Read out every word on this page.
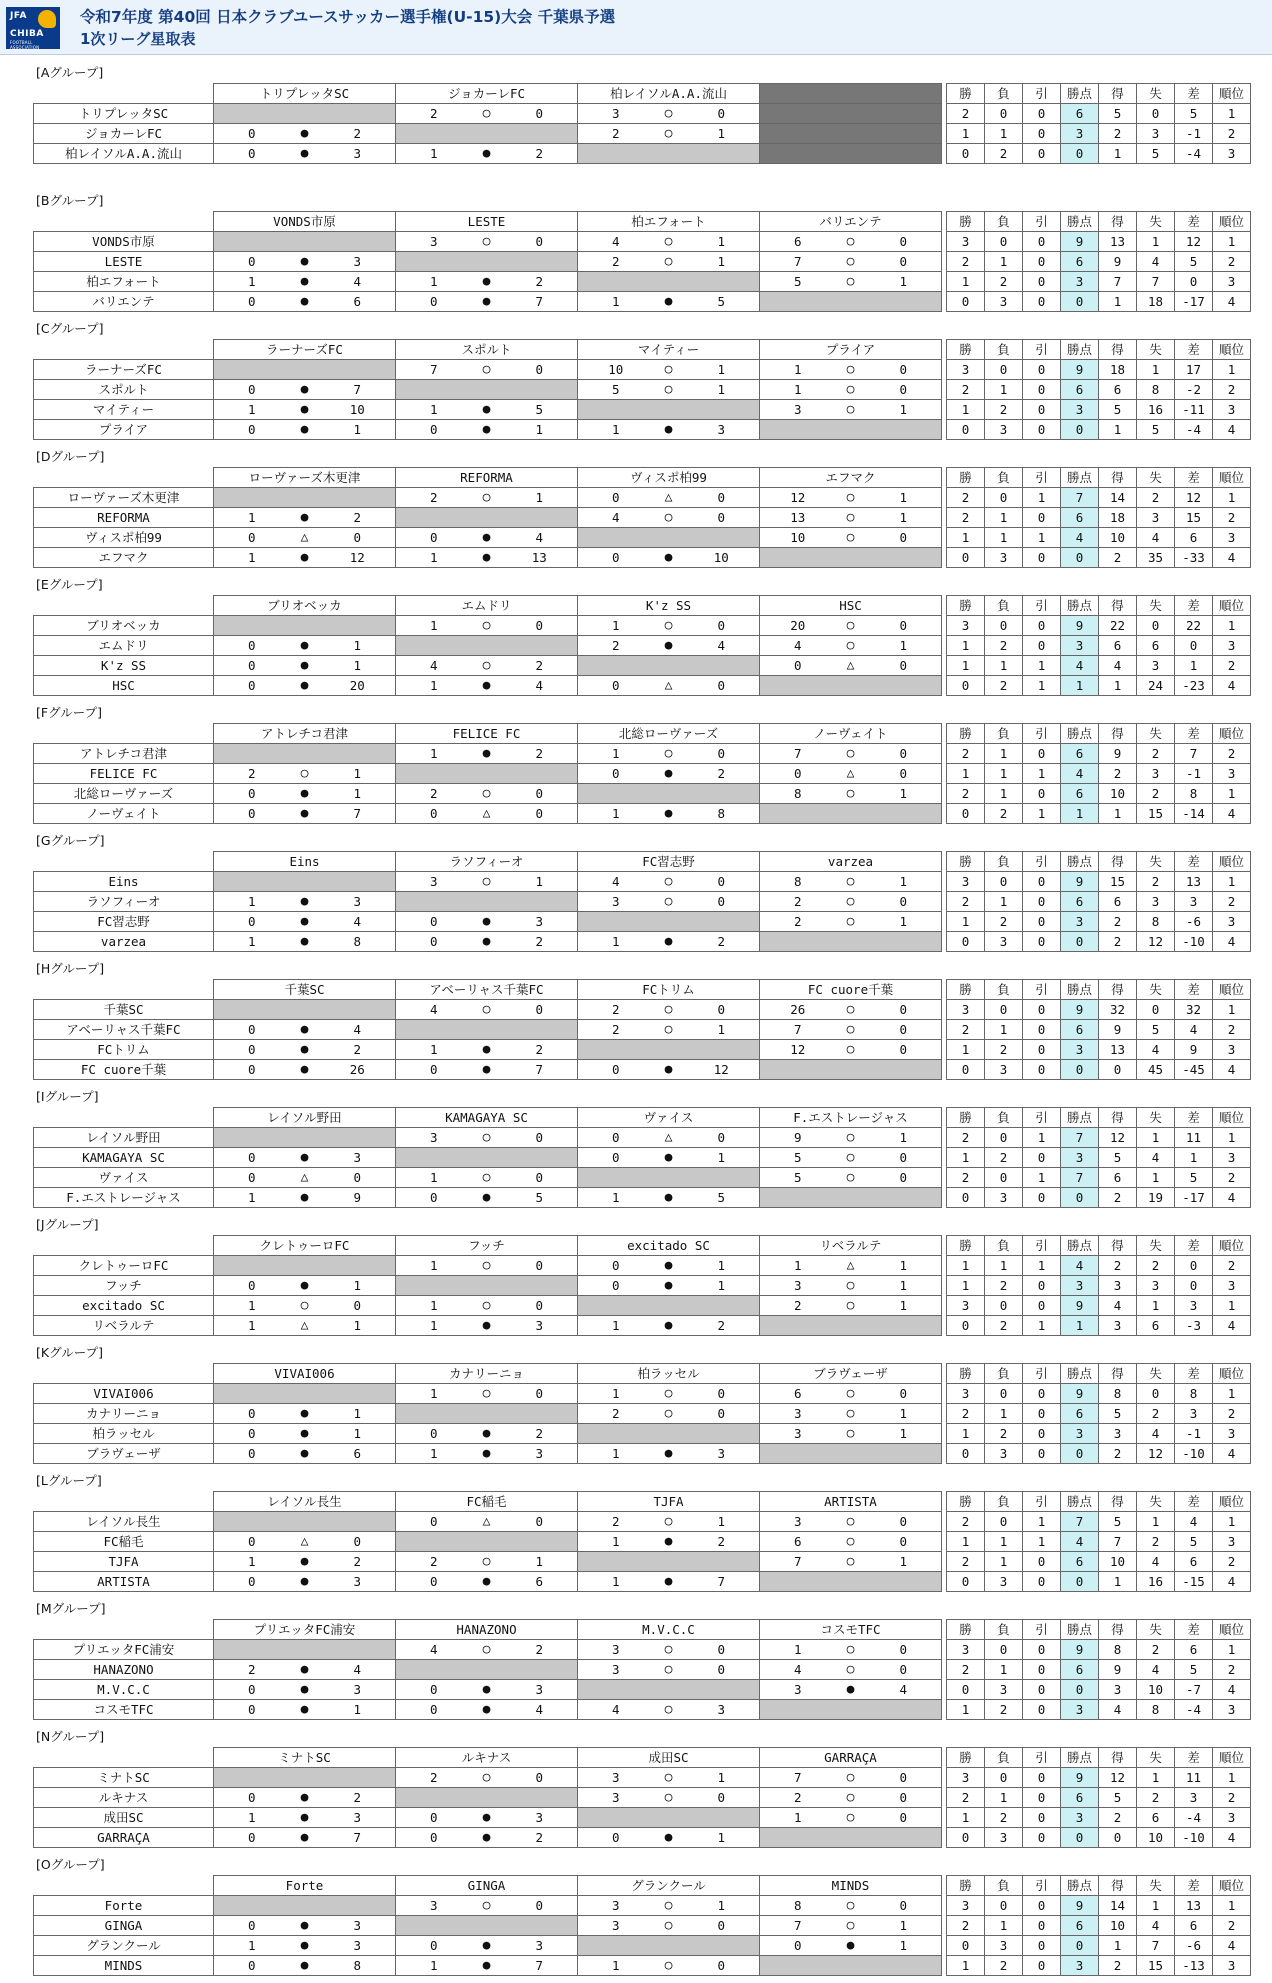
JFA
CHIBA
FOOTBALL ASSOCIATION
令和7年度 第40回 日本クラブユースサッカー選手権(U-15)大会 千葉県予選
1次リーグ星取表
[Aグループ]
	トリプレッタSC	ジョカーレFC	柏レイソルA.A.流山			勝	負	引	勝点	得	失	差	順位
トリプレッタSC		2 ○ 0	3 ○ 0			2	0	0	6	5	0	5	1
ジョカーレFC	0 ● 2		2 ○ 1			1	1	0	3	2	3	-1	2
柏レイソルA.A.流山	0 ● 3	1 ● 2				0	2	0	0	1	5	-4	3
[Bグループ]
	VONDS市原	LESTE	柏エフォート	バリエンテ		勝	負	引	勝点	得	失	差	順位
VONDS市原		3 ○ 0	4 ○ 1	6 ○ 0		3	0	0	9	13	1	12	1
LESTE	0 ● 3		2 ○ 1	7 ○ 0		2	1	0	6	9	4	5	2
柏エフォート	1 ● 4	1 ● 2		5 ○ 1		1	2	0	3	7	7	0	3
バリエンテ	0 ● 6	0 ● 7	1 ● 5			0	3	0	0	1	18	-17	4
[Cグループ]
	ラーナーズFC	スポルト	マイティー	プライア		勝	負	引	勝点	得	失	差	順位
ラーナーズFC		7 ○ 0	10 ○ 1	1 ○ 0		3	0	0	9	18	1	17	1
スポルト	0 ● 7		5 ○ 1	1 ○ 0		2	1	0	6	6	8	-2	2
マイティー	1 ● 10	1 ● 5		3 ○ 1		1	2	0	3	5	16	-11	3
プライア	0 ● 1	0 ● 1	1 ● 3			0	3	0	0	1	5	-4	4
[Dグループ]
	ローヴァーズ木更津	REFORMA	ヴィスポ柏99	エフマク		勝	負	引	勝点	得	失	差	順位
ローヴァーズ木更津		2 ○ 1	0 △ 0	12 ○ 1		2	0	1	7	14	2	12	1
REFORMA	1 ● 2		4 ○ 0	13 ○ 1		2	1	0	6	18	3	15	2
ヴィスポ柏99	0 △ 0	0 ● 4		10 ○ 0		1	1	1	4	10	4	6	3
エフマク	1 ● 12	1 ● 13	0 ● 10			0	3	0	0	2	35	-33	4
[Eグループ]
	ブリオベッカ	エムドリ	K'z SS	HSC		勝	負	引	勝点	得	失	差	順位
ブリオベッカ		1 ○ 0	1 ○ 0	20 ○ 0		3	0	0	9	22	0	22	1
エムドリ	0 ● 1		2 ● 4	4 ○ 1		1	2	0	3	6	6	0	3
K'z SS	0 ● 1	4 ○ 2		0 △ 0		1	1	1	4	4	3	1	2
HSC	0 ● 20	1 ● 4	0 △ 0			0	2	1	1	1	24	-23	4
[Fグループ]
	アトレチコ君津	FELICE FC	北総ローヴァーズ	ノーヴェイト		勝	負	引	勝点	得	失	差	順位
アトレチコ君津		1 ● 2	1 ○ 0	7 ○ 0		2	1	0	6	9	2	7	2
FELICE FC	2 ○ 1		0 ● 2	0 △ 0		1	1	1	4	2	3	-1	3
北総ローヴァーズ	0 ● 1	2 ○ 0		8 ○ 1		2	1	0	6	10	2	8	1
ノーヴェイト	0 ● 7	0 △ 0	1 ● 8			0	2	1	1	1	15	-14	4
[Gグループ]
	Eins	ラソフィーオ	FC習志野	varzea		勝	負	引	勝点	得	失	差	順位
Eins		3 ○ 1	4 ○ 0	8 ○ 1		3	0	0	9	15	2	13	1
ラソフィーオ	1 ● 3		3 ○ 0	2 ○ 0		2	1	0	6	6	3	3	2
FC習志野	0 ● 4	0 ● 3		2 ○ 1		1	2	0	3	2	8	-6	3
varzea	1 ● 8	0 ● 2	1 ● 2			0	3	0	0	2	12	-10	4
[Hグループ]
	千葉SC	アベーリャス千葉FC	FCトリム	FC cuore千葉		勝	負	引	勝点	得	失	差	順位
千葉SC		4 ○ 0	2 ○ 0	26 ○ 0		3	0	0	9	32	0	32	1
アベーリャス千葉FC	0 ● 4		2 ○ 1	7 ○ 0		2	1	0	6	9	5	4	2
FCトリム	0 ● 2	1 ● 2		12 ○ 0		1	2	0	3	13	4	9	3
FC cuore千葉	0 ● 26	0 ● 7	0 ● 12			0	3	0	0	0	45	-45	4
[Iグループ]
	レイソル野田	KAMAGAYA SC	ヴァイス	F.エストレージャス		勝	負	引	勝点	得	失	差	順位
レイソル野田		3 ○ 0	0 △ 0	9 ○ 1		2	0	1	7	12	1	11	1
KAMAGAYA SC	0 ● 3		0 ● 1	5 ○ 0		1	2	0	3	5	4	1	3
ヴァイス	0 △ 0	1 ○ 0		5 ○ 0		2	0	1	7	6	1	5	2
F.エストレージャス	1 ● 9	0 ● 5	1 ● 5			0	3	0	0	2	19	-17	4
[Jグループ]
	クレトゥーロFC	フッチ	excitado SC	リベラルテ		勝	負	引	勝点	得	失	差	順位
クレトゥーロFC		1 ○ 0	0 ● 1	1 △ 1		1	1	1	4	2	2	0	2
フッチ	0 ● 1		0 ● 1	3 ○ 1		1	2	0	3	3	3	0	3
excitado SC	1 ○ 0	1 ○ 0		2 ○ 1		3	0	0	9	4	1	3	1
リベラルテ	1 △ 1	1 ● 3	1 ● 2			0	2	1	1	3	6	-3	4
[Kグループ]
	VIVAI006	カナリーニョ	柏ラッセル	ブラヴェーザ		勝	負	引	勝点	得	失	差	順位
VIVAI006		1 ○ 0	1 ○ 0	6 ○ 0		3	0	0	9	8	0	8	1
カナリーニョ	0 ● 1		2 ○ 0	3 ○ 1		2	1	0	6	5	2	3	2
柏ラッセル	0 ● 1	0 ● 2		3 ○ 1		1	2	0	3	3	4	-1	3
ブラヴェーザ	0 ● 6	1 ● 3	1 ● 3			0	3	0	0	2	12	-10	4
[Lグループ]
	レイソル長生	FC稲毛	TJFA	ARTISTA		勝	負	引	勝点	得	失	差	順位
レイソル長生		0 △ 0	2 ○ 1	3 ○ 0		2	0	1	7	5	1	4	1
FC稲毛	0 △ 0		1 ● 2	6 ○ 0		1	1	1	4	7	2	5	3
TJFA	1 ● 2	2 ○ 1		7 ○ 1		2	1	0	6	10	4	6	2
ARTISTA	0 ● 3	0 ● 6	1 ● 7			0	3	0	0	1	16	-15	4
[Mグループ]
	プリエッタFC浦安	HANAZONO	M.V.C.C	コスモTFC		勝	負	引	勝点	得	失	差	順位
プリエッタFC浦安		4 ○ 2	3 ○ 0	1 ○ 0		3	0	0	9	8	2	6	1
HANAZONO	2 ● 4		3 ○ 0	4 ○ 0		2	1	0	6	9	4	5	2
M.V.C.C	0 ● 3	0 ● 3		3 ● 4		0	3	0	0	3	10	-7	4
コスモTFC	0 ● 1	0 ● 4	4 ○ 3			1	2	0	3	4	8	-4	3
[Nグループ]
	ミナトSC	ルキナス	成田SC	GARRAÇA		勝	負	引	勝点	得	失	差	順位
ミナトSC		2 ○ 0	3 ○ 1	7 ○ 0		3	0	0	9	12	1	11	1
ルキナス	0 ● 2		3 ○ 0	2 ○ 0		2	1	0	6	5	2	3	2
成田SC	1 ● 3	0 ● 3		1 ○ 0		1	2	0	3	2	6	-4	3
GARRAÇA	0 ● 7	0 ● 2	0 ● 1			0	3	0	0	0	10	-10	4
[Oグループ]
	Forte	GINGA	グランクール	MINDS		勝	負	引	勝点	得	失	差	順位
Forte		3 ○ 0	3 ○ 1	8 ○ 0		3	0	0	9	14	1	13	1
GINGA	0 ● 3		3 ○ 0	7 ○ 1		2	1	0	6	10	4	6	2
グランクール	1 ● 3	0 ● 3		0 ● 1		0	3	0	0	1	7	-6	4
MINDS	0 ● 8	1 ● 7	1 ○ 0			1	2	0	3	2	15	-13	3
